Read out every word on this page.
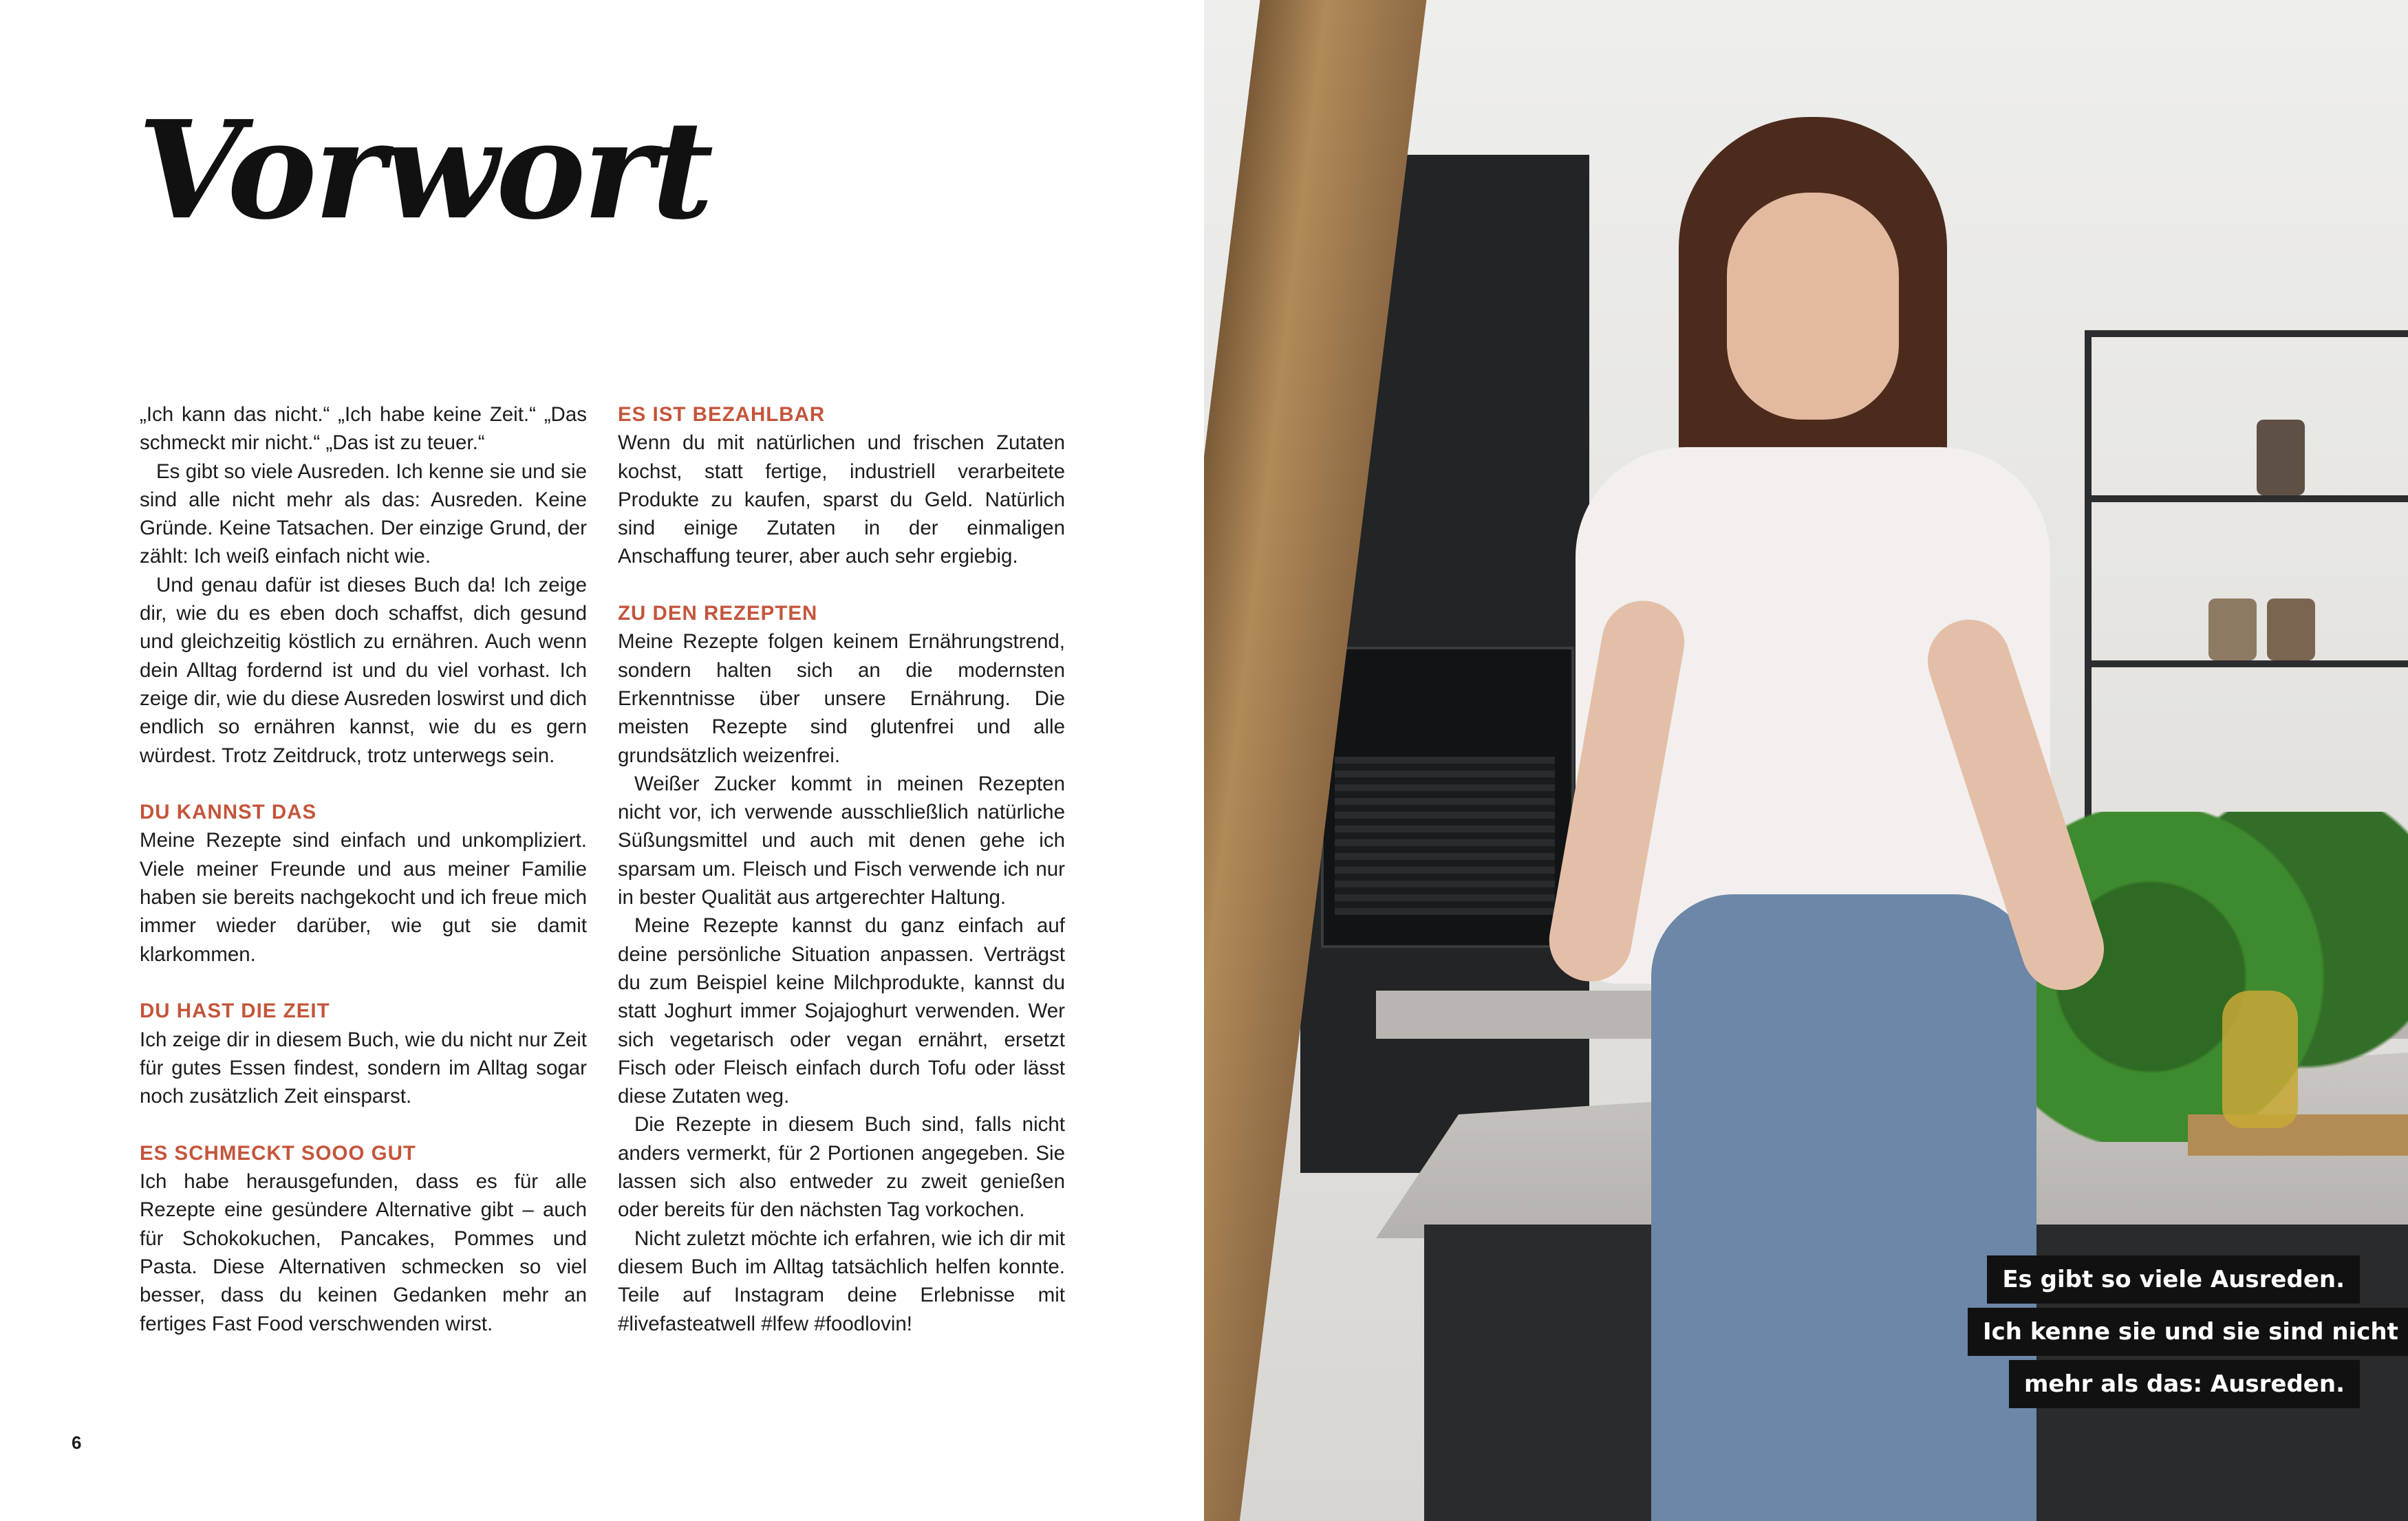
Vorwort

„Ich kann das nicht.“ „Ich habe keine Zeit.“ „Das schmeckt mir nicht.“ „Das ist zu teuer.“

Es gibt so viele Ausreden. Ich kenne sie und sie sind alle nicht mehr als das: Ausreden. Keine Gründe. Keine Tatsachen. Der einzige Grund, der zählt: Ich weiß einfach nicht wie.

Und genau dafür ist dieses Buch da! Ich zeige dir, wie du es eben doch schaffst, dich gesund und gleichzeitig köstlich zu ernähren. Auch wenn dein Alltag fordernd ist und du viel vorhast. Ich zeige dir, wie du diese Ausreden loswirst und dich endlich so ernähren kannst, wie du es gern würdest. Trotz Zeitdruck, trotz unterwegs sein.

DU KANNST DAS

Meine Rezepte sind einfach und unkompliziert. Viele meiner Freunde und aus meiner Familie haben sie bereits nachgekocht und ich freue mich immer wieder darüber, wie gut sie damit klarkommen.

DU HAST DIE ZEIT

Ich zeige dir in diesem Buch, wie du nicht nur Zeit für gutes Essen findest, sondern im Alltag sogar noch zusätzlich Zeit einsparst.

ES SCHMECKT SOOO GUT

Ich habe herausgefunden, dass es für alle Rezepte eine gesündere Alternative gibt – auch für Schokokuchen, Pancakes, Pommes und Pasta. Diese Alternativen schmecken so viel besser, dass du keinen Gedanken mehr an fertiges Fast Food verschwenden wirst.

ES IST BEZAHLBAR

Wenn du mit natürlichen und frischen Zutaten kochst, statt fertige, industriell verarbeitete Produkte zu kaufen, sparst du Geld. Natürlich sind einige Zutaten in der einmaligen Anschaffung teurer, aber auch sehr ergiebig.

ZU DEN REZEPTEN

Meine Rezepte folgen keinem Ernährungstrend, sondern halten sich an die modernsten Erkenntnisse über unsere Ernährung. Die meisten Rezepte sind glutenfrei und alle grundsätzlich weizenfrei.

Weißer Zucker kommt in meinen Rezepten nicht vor, ich verwende ausschließlich natürliche Süßungsmittel und auch mit denen gehe ich sparsam um. Fleisch und Fisch verwende ich nur in bester Qualität aus artgerechter Haltung.

Meine Rezepte kannst du ganz einfach auf deine persönliche Situation anpassen. Verträgst du zum Beispiel keine Milchprodukte, kannst du statt Joghurt immer Sojajoghurt verwenden. Wer sich vegetarisch oder vegan ernährt, ersetzt Fisch oder Fleisch einfach durch Tofu oder lässt diese Zutaten weg.

Die Rezepte in diesem Buch sind, falls nicht anders vermerkt, für 2 Portionen angegeben. Sie lassen sich also entweder zu zweit genießen oder bereits für den nächsten Tag vorkochen.

Nicht zuletzt möchte ich erfahren, wie ich dir mit diesem Buch im Alltag tatsächlich helfen konnte. Teile auf Instagram deine Erlebnisse mit #livefasteatwell #lfew #foodlovin!

6
Es gibt so viele Ausreden.
Ich kenne sie und sie sind nicht
mehr als das: Ausreden.
